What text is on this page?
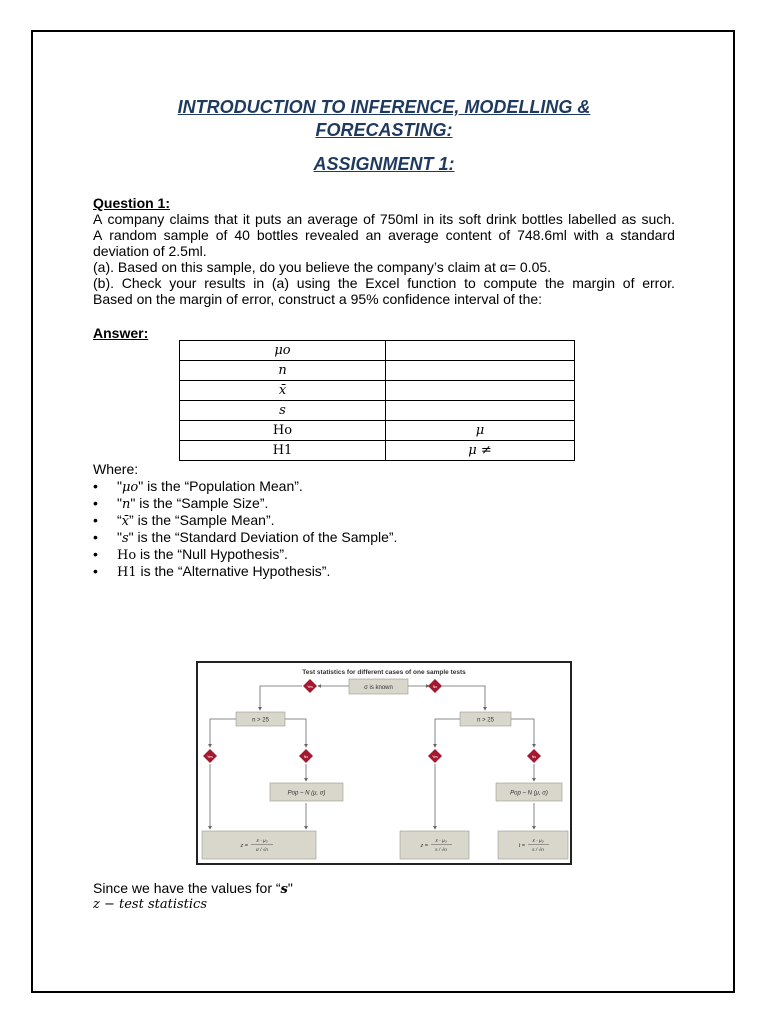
INTRODUCTION TO INFERENCE, MODELLING &
FORECASTING:
ASSIGNMENT 1:
Question 1:
A company claims that it puts an average of 750ml in its soft drink bottles labelled as such.
A random sample of 40 bottles revealed an average content of 748.6ml with a standard
deviation of 2.5ml.
(a). Based on this sample, do you believe the company’s claim at α= 0.05.
(b). Check your results in (a) using the Excel function to compute the margin of error.
Based on the margin of error, construct a 95% confidence interval of the:
Answer:
μo	
n	
x̄	
s	
Ho	μ
H1	μ ≠
Where:
• "μo" is the “Population Mean”.
• "n" is the “Sample Size”.
• “x̄” is the “Sample Mean”.
• "s" is the “Standard Deviation of the Sample”.
• Ho is the “Null Hypothesis”.
• H1 is the “Alternative Hypothesis”.
Test statistics for different cases of one sample tests
σ is known
Yes	No
n > 25	n > 25
Yes	No	Yes	No
Pop ~ N (μ, σ)	Pop ~ N (μ, σ)
z =
x̄ - μ₀
σ / √n
z =
x̄ - μ₀
s / √n
t =
x̄ - μ₀
s / √n
Since we have the values for “s"
z − test statistics
